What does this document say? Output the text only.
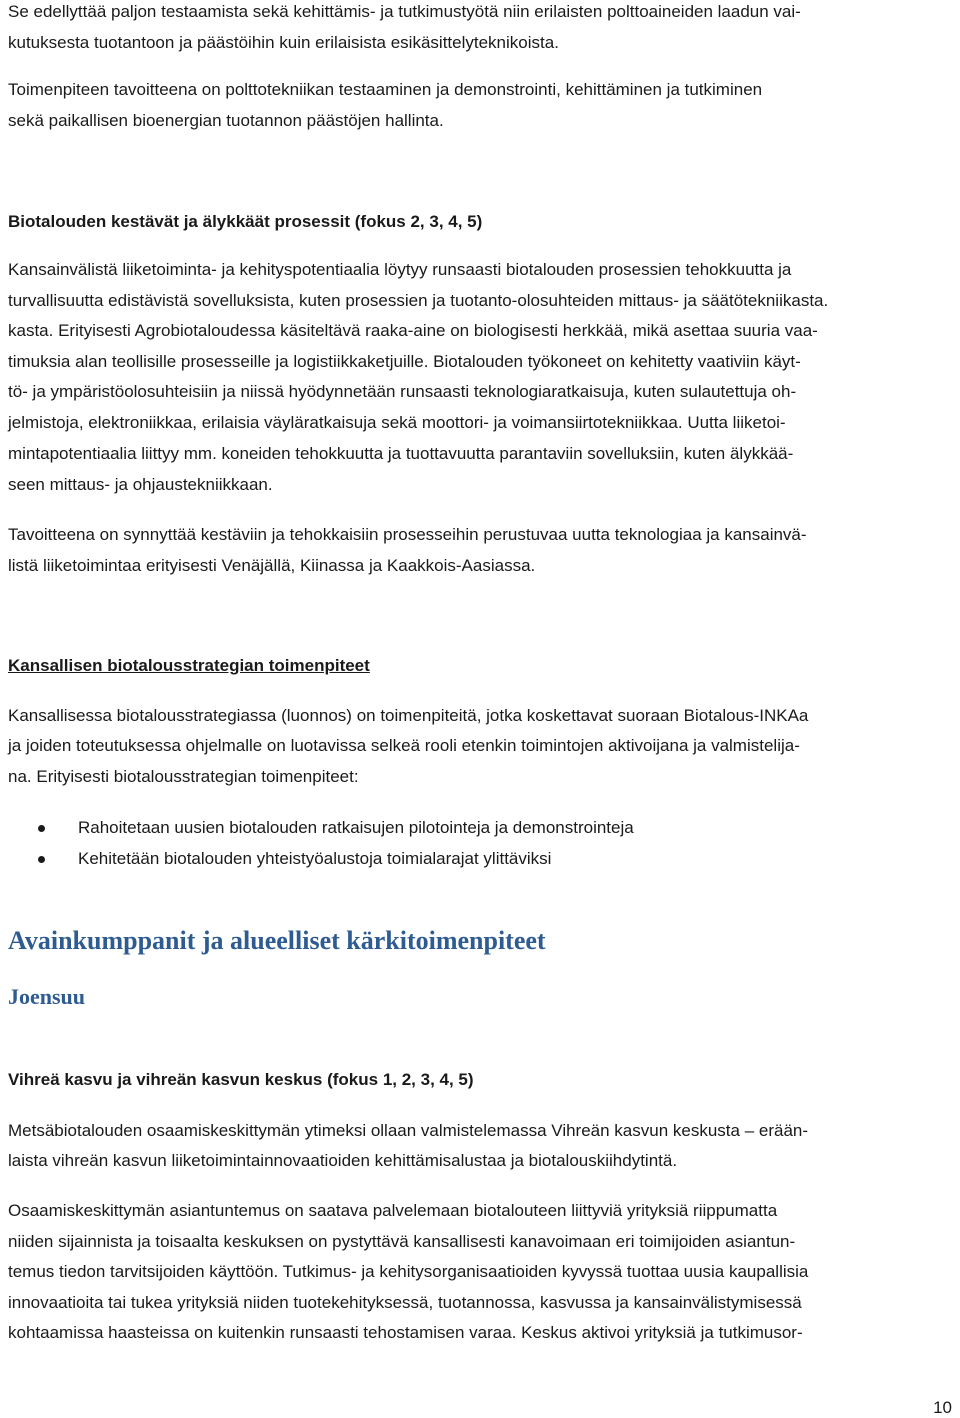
Se edellyttää paljon testaamista sekä kehittämis- ja tutkimustyötä niin erilaisten polttoaineiden laadun vai-
kutuksesta tuotantoon ja päästöihin kuin erilaisista esikäsittelyteknikoista.
Toimenpiteen tavoitteena on polttotekniikan testaaminen ja demonstrointi, kehittäminen ja tutkiminen
sekä paikallisen bioenergian tuotannon päästöjen hallinta.
Biotalouden kestävät ja älykkäät prosessit (fokus 2, 3, 4, 5)
Kansainvälistä liiketoiminta- ja kehityspotentiaalia löytyy runsaasti biotalouden prosessien tehokkuutta ja
turvallisuutta edistävistä sovelluksista, kuten prosessien ja tuotanto-olosuhteiden mittaus- ja säätötekniikasta.
kasta. Erityisesti Agrobiotaloudessa käsiteltävä raaka-aine on biologisesti herkkää, mikä asettaa suuria vaa-
timuksia alan teollisille prosesseille ja logistiikkaketjuille. Biotalouden työkoneet on kehitetty vaativiin käyt-
tö- ja ympäristöolosuhteisiin ja niissä hyödynnetään runsaasti teknologiaratkaisuja, kuten sulautettuja oh-
jelmistoja, elektroniikkaa, erilaisia väyläratkaisuja sekä moottori- ja voimansiirtotekniikkaa. Uutta liiketoi-
mintapotentiaalia liittyy mm. koneiden tehokkuutta ja tuottavuutta parantaviin sovelluksiin, kuten älykkää-
seen mittaus- ja ohjaustekniikkaan.
Tavoitteena on synnyttää kestäviin ja tehokkaisiin prosesseihin perustuvaa uutta teknologiaa ja kansainvä-
listä liiketoimintaa erityisesti Venäjällä, Kiinassa ja Kaakkois-Aasiassa.
Kansallisen biotalousstrategian toimenpiteet
Kansallisessa biotalousstrategiassa (luonnos) on toimenpiteitä, jotka koskettavat suoraan Biotalous-INKAa
ja joiden toteutuksessa ohjelmalle on luotavissa selkeä rooli etenkin toimintojen aktivoijana ja valmistelija-
na. Erityisesti biotalousstrategian toimenpiteet:
Rahoitetaan uusien biotalouden ratkaisujen pilotointeja ja demonstrointeja
Kehitetään biotalouden yhteistyöalustoja toimialarajat ylittäviksi
Avainkumppanit ja alueelliset kärkitoimenpiteet
Joensuu
Vihreä kasvu ja vihreän kasvun keskus (fokus 1, 2, 3, 4, 5)
Metsäbiotalouden osaamiskeskittymän ytimeksi ollaan valmistelemassa Vihreän kasvun keskusta – erään-
laista vihreän kasvun liiketoimintainnovaatioiden kehittämisalustaa ja biotalouskiihdytintä.
Osaamiskeskittymän asiantuntemus on saatava palvelemaan biotalouteen liittyviä yrityksiä riippumatta
niiden sijainnista ja toisaalta keskuksen on pystyttävä kansallisesti kanavoimaan eri toimijoiden asiantun-
temus tiedon tarvitsijoiden käyttöön. Tutkimus- ja kehitysorganisaatioiden kyvyssä tuottaa uusia kaupallisia
innovaatioita tai tukea yrityksiä niiden tuotekehityksessä, tuotannossa, kasvussa ja kansainvälistymisessä
kohtaamissa haasteissa on kuitenkin runsaasti tehostamisen varaa. Keskus aktivoi yrityksiä ja tutkimusor-
10
